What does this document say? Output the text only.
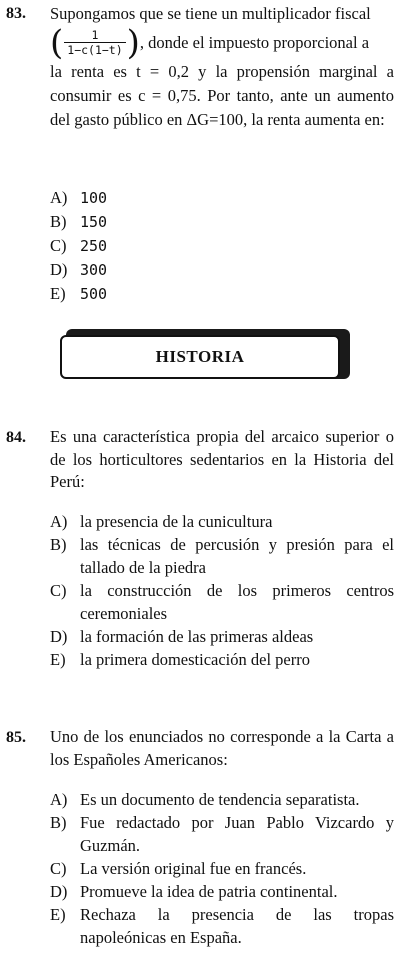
83. Supongamos que se tiene un multiplicador fiscal
( $\frac{1}{1-c(1-t)}$ ) , donde el impuesto proporcional a
la renta es t = 0,2 y la propensión marginal a consumir es c = 0,75. Por tanto, ante un aumento del gasto público en ΔG=100, la renta aumenta en:
A) 100
B) 150
C) 250
D) 300
E) 500
HISTORIA
84. Es una característica propia del arcaico superior o de los horticultores sedentarios en la Historia del Perú:
A) la presencia de la cunicultura
B) las técnicas de percusión y presión para el tallado de la piedra
C) la construcción de los primeros centros ceremoniales
D) la formación de las primeras aldeas
E) la primera domesticación del perro
85. Uno de los enunciados no corresponde a la Carta a los Españoles Americanos:
A) Es un documento de tendencia separatista.
B) Fue redactado por Juan Pablo Vizcardo y Guzmán.
C) La versión original fue en francés.
D) Promueve la idea de patria continental.
E) Rechaza la presencia de las tropas napoleónicas en España.
